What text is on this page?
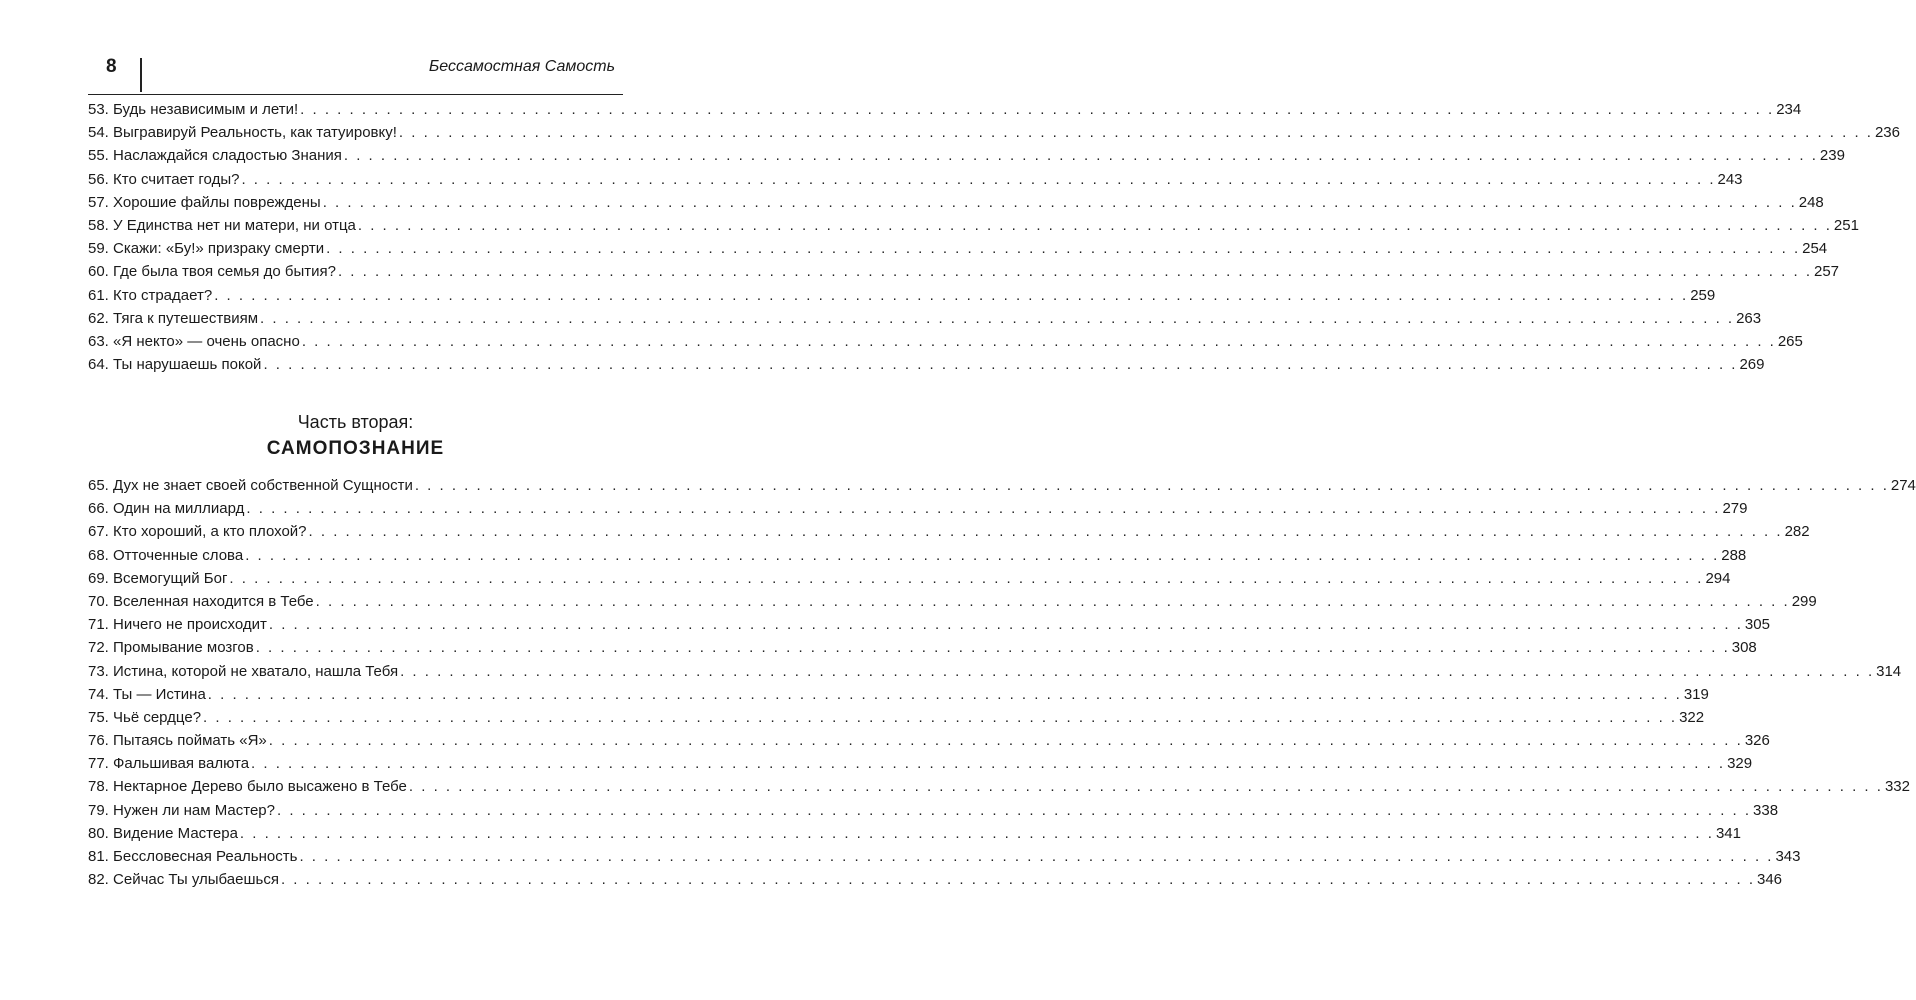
8	Бессамостная Самость
53. Будь независимым и лети! . . . . . . . . . . . . . . . . . . . . . . . . . . . . . . . . . . . . . . . . . . . . . . . . . . . . . . . . . . . . . . . . . . . . . . . . . . . . . . . . . . . . . . . . . . . . . . . . . . . . . . . . . . . . . . . . . . . . . . . . 234
54. Выгравируй Реальность, как татуировку! . . . . . . . . . . . . . . . . . . . . . . . . . . . . . . . . . . . . . . . . . . . . . . . . . . . . . . . . . . . . . . . . . . . . . . . . . . . . . . . . . . . . . . . . . . . . . . . . . . . . . . . . . . . . . . . . . . . . . . . . 236
55. Наслаждайся сладостью Знания . . . . . . . . . . . . . . . . . . . . . . . . . . . . . . . . . . . . . . . . . . . . . . . . . . . . . . . . . . . . . . . . . . . . . . . . . . . . . . . . . . . . . . . . . . . . . . . . . . . . . . . . . . . . . . . . . . . . . . . . 239
56. Кто считает годы? . . . . . . . . . . . . . . . . . . . . . . . . . . . . . . . . . . . . . . . . . . . . . . . . . . . . . . . . . . . . . . . . . . . . . . . . . . . . . . . . . . . . . . . . . . . . . . . . . . . . . . . . . . . . . . . . . . . . . . . . 243
57. Хорошие файлы повреждены . . . . . . . . . . . . . . . . . . . . . . . . . . . . . . . . . . . . . . . . . . . . . . . . . . . . . . . . . . . . . . . . . . . . . . . . . . . . . . . . . . . . . . . . . . . . . . . . . . . . . . . . . . . . . . . . . . . . . . . . 248
58. У Единства нет ни матери, ни отца . . . . . . . . . . . . . . . . . . . . . . . . . . . . . . . . . . . . . . . . . . . . . . . . . . . . . . . . . . . . . . . . . . . . . . . . . . . . . . . . . . . . . . . . . . . . . . . . . . . . . . . . . . . . . . . . . . . . . . . . 251
59. Скажи: «Бу!» призраку смерти . . . . . . . . . . . . . . . . . . . . . . . . . . . . . . . . . . . . . . . . . . . . . . . . . . . . . . . . . . . . . . . . . . . . . . . . . . . . . . . . . . . . . . . . . . . . . . . . . . . . . . . . . . . . . . . . . . . . . . . . 254
60. Где была твоя семья до бытия? . . . . . . . . . . . . . . . . . . . . . . . . . . . . . . . . . . . . . . . . . . . . . . . . . . . . . . . . . . . . . . . . . . . . . . . . . . . . . . . . . . . . . . . . . . . . . . . . . . . . . . . . . . . . . . . . . . . . . . . . 257
61. Кто страдает? . . . . . . . . . . . . . . . . . . . . . . . . . . . . . . . . . . . . . . . . . . . . . . . . . . . . . . . . . . . . . . . . . . . . . . . . . . . . . . . . . . . . . . . . . . . . . . . . . . . . . . . . . . . . . . . . . . . . . . . . 259
62. Тяга к путешествиям . . . . . . . . . . . . . . . . . . . . . . . . . . . . . . . . . . . . . . . . . . . . . . . . . . . . . . . . . . . . . . . . . . . . . . . . . . . . . . . . . . . . . . . . . . . . . . . . . . . . . . . . . . . . . . . . . . . . . . . . 263
63. «Я некто» — очень опасно . . . . . . . . . . . . . . . . . . . . . . . . . . . . . . . . . . . . . . . . . . . . . . . . . . . . . . . . . . . . . . . . . . . . . . . . . . . . . . . . . . . . . . . . . . . . . . . . . . . . . . . . . . . . . . . . . . . . . . . . 265
64. Ты нарушаешь покой . . . . . . . . . . . . . . . . . . . . . . . . . . . . . . . . . . . . . . . . . . . . . . . . . . . . . . . . . . . . . . . . . . . . . . . . . . . . . . . . . . . . . . . . . . . . . . . . . . . . . . . . . . . . . . . . . . . . . . . . 269
Часть вторая:
САМОПОЗНАНИЕ
65. Дух не знает своей собственной Сущности . . . . . . . . . . . . . . . . . . . . . . . . . . . . . . . . . . . . . . . . . . . . . . . . . . . . . . . . . . . . . . . . . . . . . . . . . . . . . . . . . . . . . . . . . . . . . . . . . . . . . . . . . . . . . . . . . . . . . . . . 274
66. Один на миллиард . . . . . . . . . . . . . . . . . . . . . . . . . . . . . . . . . . . . . . . . . . . . . . . . . . . . . . . . . . . . . . . . . . . . . . . . . . . . . . . . . . . . . . . . . . . . . . . . . . . . . . . . . . . . . . . . . . . . . . . . 279
67. Кто хороший, а кто плохой? . . . . . . . . . . . . . . . . . . . . . . . . . . . . . . . . . . . . . . . . . . . . . . . . . . . . . . . . . . . . . . . . . . . . . . . . . . . . . . . . . . . . . . . . . . . . . . . . . . . . . . . . . . . . . . . . . . . . . . . . 282
68. Отточенные слова . . . . . . . . . . . . . . . . . . . . . . . . . . . . . . . . . . . . . . . . . . . . . . . . . . . . . . . . . . . . . . . . . . . . . . . . . . . . . . . . . . . . . . . . . . . . . . . . . . . . . . . . . . . . . . . . . . . . . . . . 288
69. Всемогущий Бог . . . . . . . . . . . . . . . . . . . . . . . . . . . . . . . . . . . . . . . . . . . . . . . . . . . . . . . . . . . . . . . . . . . . . . . . . . . . . . . . . . . . . . . . . . . . . . . . . . . . . . . . . . . . . . . . . . . . . . . . 294
70. Вселенная находится в Тебе . . . . . . . . . . . . . . . . . . . . . . . . . . . . . . . . . . . . . . . . . . . . . . . . . . . . . . . . . . . . . . . . . . . . . . . . . . . . . . . . . . . . . . . . . . . . . . . . . . . . . . . . . . . . . . . . . . . . . . . . 299
71. Ничего не происходит . . . . . . . . . . . . . . . . . . . . . . . . . . . . . . . . . . . . . . . . . . . . . . . . . . . . . . . . . . . . . . . . . . . . . . . . . . . . . . . . . . . . . . . . . . . . . . . . . . . . . . . . . . . . . . . . . . . . . . . . 305
72. Промывание мозгов . . . . . . . . . . . . . . . . . . . . . . . . . . . . . . . . . . . . . . . . . . . . . . . . . . . . . . . . . . . . . . . . . . . . . . . . . . . . . . . . . . . . . . . . . . . . . . . . . . . . . . . . . . . . . . . . . . . . . . . . 308
73. Истина, которой не хватало, нашла Тебя . . . . . . . . . . . . . . . . . . . . . . . . . . . . . . . . . . . . . . . . . . . . . . . . . . . . . . . . . . . . . . . . . . . . . . . . . . . . . . . . . . . . . . . . . . . . . . . . . . . . . . . . . . . . . . . . . . . . . . . . 314
74. Ты — Истина . . . . . . . . . . . . . . . . . . . . . . . . . . . . . . . . . . . . . . . . . . . . . . . . . . . . . . . . . . . . . . . . . . . . . . . . . . . . . . . . . . . . . . . . . . . . . . . . . . . . . . . . . . . . . . . . . . . . . . . . 319
75. Чьё сердце? . . . . . . . . . . . . . . . . . . . . . . . . . . . . . . . . . . . . . . . . . . . . . . . . . . . . . . . . . . . . . . . . . . . . . . . . . . . . . . . . . . . . . . . . . . . . . . . . . . . . . . . . . . . . . . . . . . . . . . . . 322
76. Пытаясь поймать «Я» . . . . . . . . . . . . . . . . . . . . . . . . . . . . . . . . . . . . . . . . . . . . . . . . . . . . . . . . . . . . . . . . . . . . . . . . . . . . . . . . . . . . . . . . . . . . . . . . . . . . . . . . . . . . . . . . . . . . . . . . 326
77. Фальшивая валюта . . . . . . . . . . . . . . . . . . . . . . . . . . . . . . . . . . . . . . . . . . . . . . . . . . . . . . . . . . . . . . . . . . . . . . . . . . . . . . . . . . . . . . . . . . . . . . . . . . . . . . . . . . . . . . . . . . . . . . . . 329
78. Нектарное Дерево было высажено в Тебе . . . . . . . . . . . . . . . . . . . . . . . . . . . . . . . . . . . . . . . . . . . . . . . . . . . . . . . . . . . . . . . . . . . . . . . . . . . . . . . . . . . . . . . . . . . . . . . . . . . . . . . . . . . . . . . . . . . . . . . . 332
79. Нужен ли нам Мастер? . . . . . . . . . . . . . . . . . . . . . . . . . . . . . . . . . . . . . . . . . . . . . . . . . . . . . . . . . . . . . . . . . . . . . . . . . . . . . . . . . . . . . . . . . . . . . . . . . . . . . . . . . . . . . . . . . . . . . . . . 338
80. Видение Мастера . . . . . . . . . . . . . . . . . . . . . . . . . . . . . . . . . . . . . . . . . . . . . . . . . . . . . . . . . . . . . . . . . . . . . . . . . . . . . . . . . . . . . . . . . . . . . . . . . . . . . . . . . . . . . . . . . . . . . . . . 341
81. Бессловесная Реальность . . . . . . . . . . . . . . . . . . . . . . . . . . . . . . . . . . . . . . . . . . . . . . . . . . . . . . . . . . . . . . . . . . . . . . . . . . . . . . . . . . . . . . . . . . . . . . . . . . . . . . . . . . . . . . . . . . . . . . . . 343
82. Сейчас Ты улыбаешься . . . . . . . . . . . . . . . . . . . . . . . . . . . . . . . . . . . . . . . . . . . . . . . . . . . . . . . . . . . . . . . . . . . . . . . . . . . . . . . . . . . . . . . . . . . . . . . . . . . . . . . . . . . . . . . . . . . . . . . . 346
